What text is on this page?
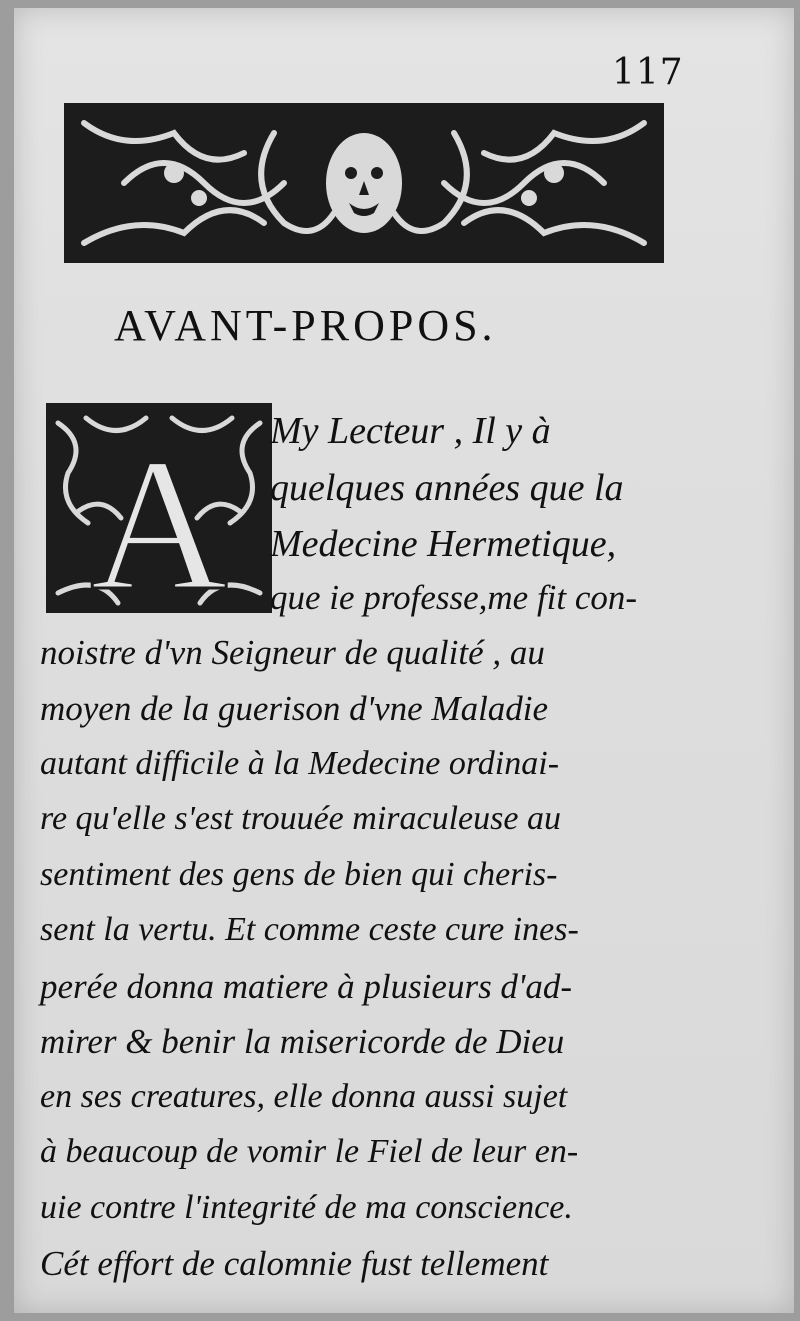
117
AVANT-PROPOS.
A My Lecteur , Il y à
quelques années que la
Medecine Hermetique,
que ie professe,me fit con-
noistre d'vn Seigneur de qualité , au
moyen de la guerison d'vne Maladie
autant difficile à la Medecine ordinai-
re qu'elle s'est trouuée miraculeuse au
sentiment des gens de bien qui cheris-
sent la vertu. Et comme ceste cure ines-
perée donna matiere à plusieurs d'ad-
mirer & benir la misericorde de Dieu
en ses creatures, elle donna aussi sujet
à beaucoup de vomir le Fiel de leur en-
uie contre l'integrité de ma conscience.
Cét effort de calomnie fust tellement
